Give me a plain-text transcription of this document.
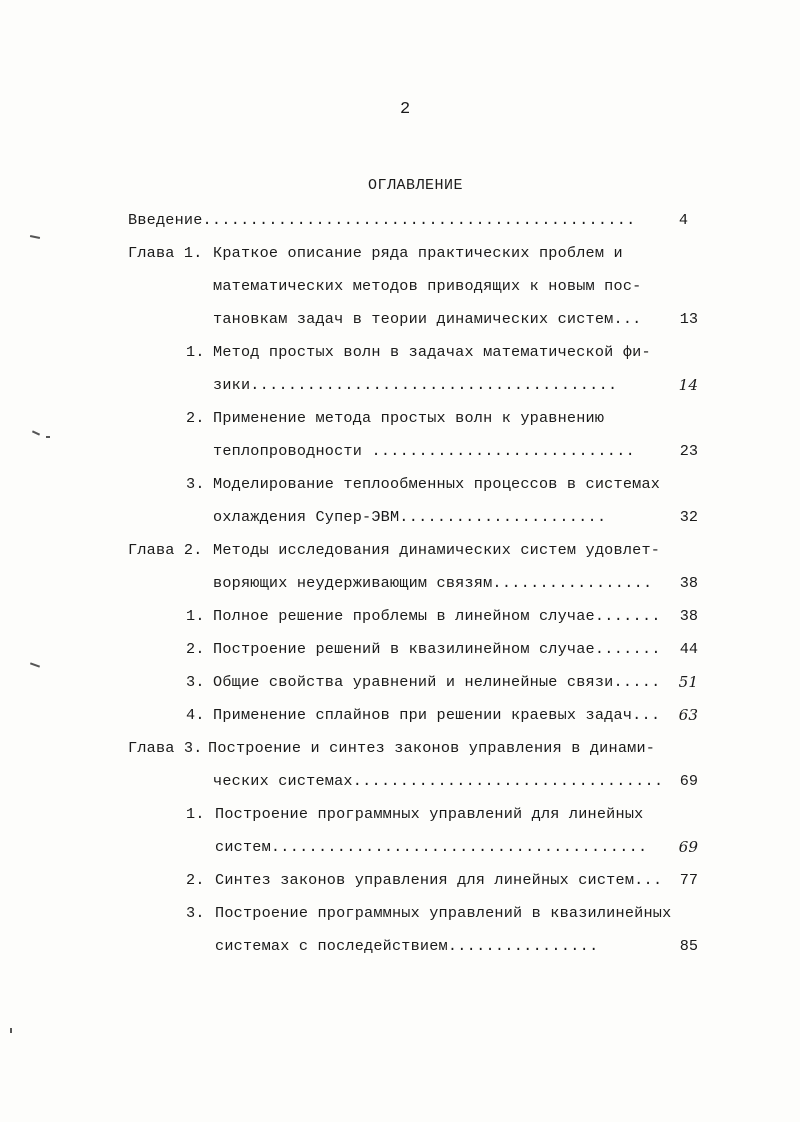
2
ОГЛАВЛЕНИЕ
Введение..............................................	4
Глава 1. Краткое описание ряда практических проблем и
математических методов приводящих к новым пос-
тановкам задач в теории динамических систем...	13
1. Метод простых волн в задачах математической фи-
зики.......................................	14
2. Применение метода простых волн к уравнению
теплопроводности ............................	23
3. Моделирование теплообменных процессов в системах
охлаждения Супер-ЭВМ......................	32
Глава 2. Методы исследования динамических систем удовлет-
воряющих неудерживающим связям.................	38
1. Полное решение проблемы в линейном случае.......	38
2. Построение решений в квазилинейном случае.......	44
3. Общие свойства уравнений и нелинейные связи.....	51
4. Применение сплайнов при решении краевых задач...	63
Глава 3. Построение и синтез законов управления в динами-
ческих системах.................................	69
1. Построение программных управлений для линейных
систем........................................	69
2. Синтез законов управления для линейных систем...	77
3. Построение программных управлений в квазилинейных
системах с последействием................	85
